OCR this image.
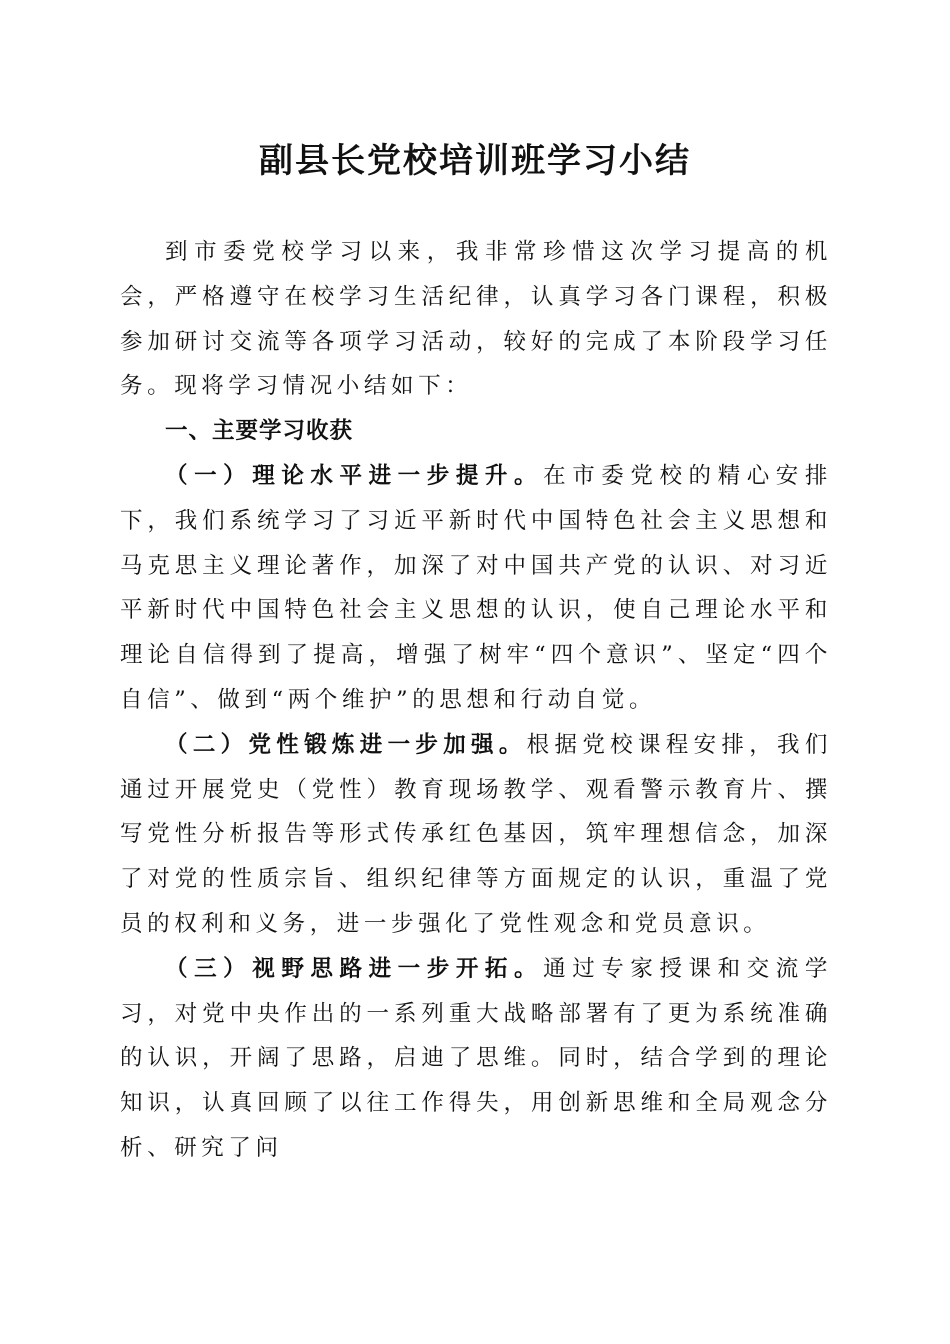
副县长党校培训班学习小结

到市委党校学习以来，我非常珍惜这次学习提高的机会，严格遵守在校学习生活纪律，认真学习各门课程，积极参加研讨交流等各项学习活动，较好的完成了本阶段学习任务。现将学习情况小结如下：

一、主要学习收获

（一）理论水平进一步提升。在市委党校的精心安排下，我们系统学习了习近平新时代中国特色社会主义思想和马克思主义理论著作，加深了对中国共产党的认识、对习近平新时代中国特色社会主义思想的认识，使自己理论水平和理论自信得到了提高，增强了树牢“四个意识”、坚定“四个自信”、做到“两个维护”的思想和行动自觉。

（二）党性锻炼进一步加强。根据党校课程安排，我们通过开展党史（党性）教育现场教学、观看警示教育片、撰写党性分析报告等形式传承红色基因，筑牢理想信念，加深了对党的性质宗旨、组织纪律等方面规定的认识，重温了党员的权利和义务，进一步强化了党性观念和党员意识。

（三）视野思路进一步开拓。通过专家授课和交流学习，对党中央作出的一系列重大战略部署有了更为系统准确的认识，开阔了思路，启迪了思维。同时，结合学到的理论知识，认真回顾了以往工作得失，用创新思维和全局观念分析、研究了问
